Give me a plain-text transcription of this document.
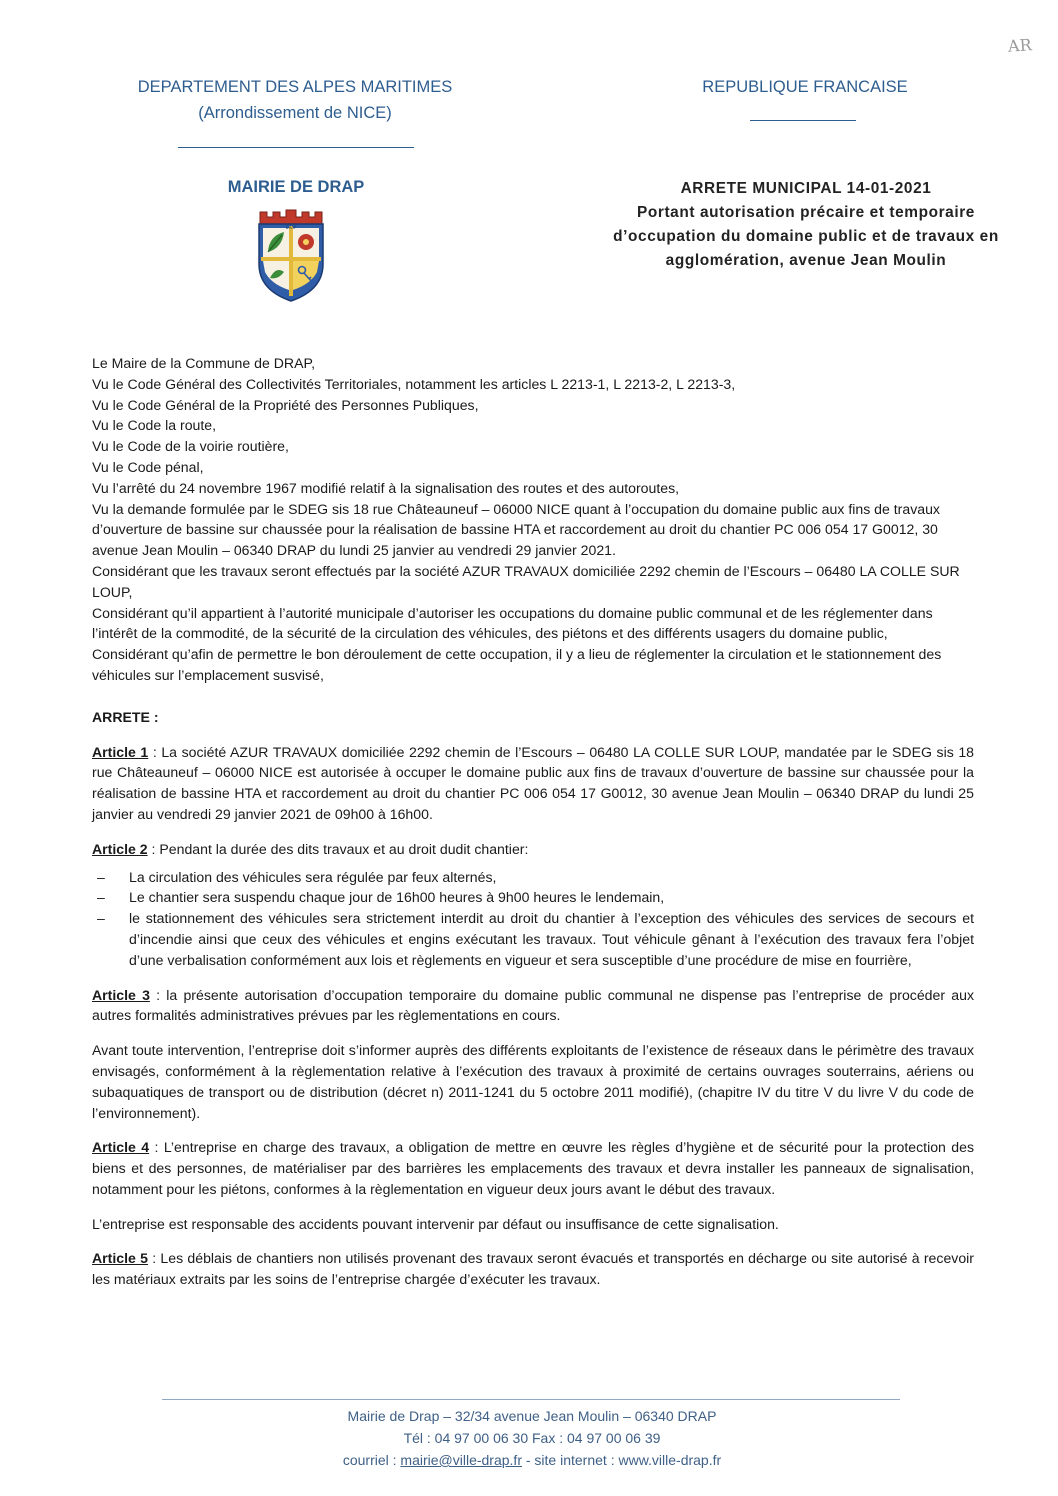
AR
DEPARTEMENT DES ALPES MARITIMES
(Arrondissement de NICE)
REPUBLIQUE FRANCAISE
MAIRIE DE DRAP
DRAP
ARRETE MUNICIPAL 14-01-2021
Portant autorisation précaire et temporaire
d’occupation du domaine public et de travaux en
agglomération, avenue Jean Moulin

Le Maire de la Commune de DRAP,

Vu le Code Général des Collectivités Territoriales, notamment les articles L 2213-1, L 2213-2, L 2213-3,

Vu le Code Général de la Propriété des Personnes Publiques,

Vu le Code la route,

Vu le Code de la voirie routière,

Vu le Code pénal,

Vu l’arrêté du 24 novembre 1967 modifié relatif à la signalisation des routes et des autoroutes,

Vu la demande formulée par le SDEG sis 18 rue Châteauneuf – 06000 NICE quant à l’occupation du domaine public aux fins de travaux d’ouverture de bassine sur chaussée pour la réalisation de bassine HTA et raccordement au droit du chantier PC 006 054 17 G0012, 30 avenue Jean Moulin – 06340 DRAP du lundi 25 janvier au vendredi 29 janvier 2021.

Considérant que les travaux seront effectués par la société AZUR TRAVAUX domiciliée 2292 chemin de l’Escours – 06480 LA COLLE SUR LOUP,

Considérant qu’il appartient à l’autorité municipale d’autoriser les occupations du domaine public communal et de les réglementer dans l’intérêt de la commodité, de la sécurité de la circulation des véhicules, des piétons et des différents usagers du domaine public,

Considérant qu’afin de permettre le bon déroulement de cette occupation, il y a lieu de réglementer la circulation et le stationnement des véhicules sur l’emplacement susvisé,

ARRETE :

Article 1 : La société AZUR TRAVAUX domiciliée 2292 chemin de l’Escours – 06480 LA COLLE SUR LOUP, mandatée par le SDEG sis 18 rue Châteauneuf – 06000 NICE est autorisée à occuper le domaine public aux fins de travaux d’ouverture de bassine sur chaussée pour la réalisation de bassine HTA et raccordement au droit du chantier PC 006 054 17 G0012, 30 avenue Jean Moulin – 06340 DRAP du lundi 25 janvier au vendredi 29 janvier 2021 de 09h00 à 16h00.

Article 2 : Pendant la durée des dits travaux et au droit dudit chantier:

– La circulation des véhicules sera régulée par feux alternés,
– Le chantier sera suspendu chaque jour de 16h00 heures à 9h00 heures le lendemain,
– le stationnement des véhicules sera strictement interdit au droit du chantier à l’exception des véhicules des services de secours et d’incendie ainsi que ceux des véhicules et engins exécutant les travaux. Tout véhicule gênant à l’exécution des travaux fera l’objet d’une verbalisation conformément aux lois et règlements en vigueur et sera susceptible d’une procédure de mise en fourrière,

Article 3 : la présente autorisation d’occupation temporaire du domaine public communal ne dispense pas l’entreprise de procéder aux autres formalités administratives prévues par les règlementations en cours.

Avant toute intervention, l’entreprise doit s’informer auprès des différents exploitants de l’existence de réseaux dans le périmètre des travaux envisagés, conformément à la règlementation relative à l’exécution des travaux à proximité de certains ouvrages souterrains, aériens ou subaquatiques de transport ou de distribution (décret n) 2011-1241 du 5 octobre 2011 modifié), (chapitre IV du titre V du livre V du code de l’environnement).

Article 4 : L’entreprise en charge des travaux, a obligation de mettre en œuvre les règles d’hygiène et de sécurité pour la protection des biens et des personnes, de matérialiser par des barrières les emplacements des travaux et devra installer les panneaux de signalisation, notamment pour les piétons, conformes à la règlementation en vigueur deux jours avant le début des travaux.

L’entreprise est responsable des accidents pouvant intervenir par défaut ou insuffisance de cette signalisation.

Article 5 : Les déblais de chantiers non utilisés provenant des travaux seront évacués et transportés en décharge ou site autorisé à recevoir les matériaux extraits par les soins de l’entreprise chargée d’exécuter les travaux.

Mairie de Drap – 32/34 avenue Jean Moulin – 06340 DRAP
Tél : 04 97 00 06 30 Fax : 04 97 00 06 39
courriel : mairie@ville-drap.fr - site internet : www.ville-drap.fr
